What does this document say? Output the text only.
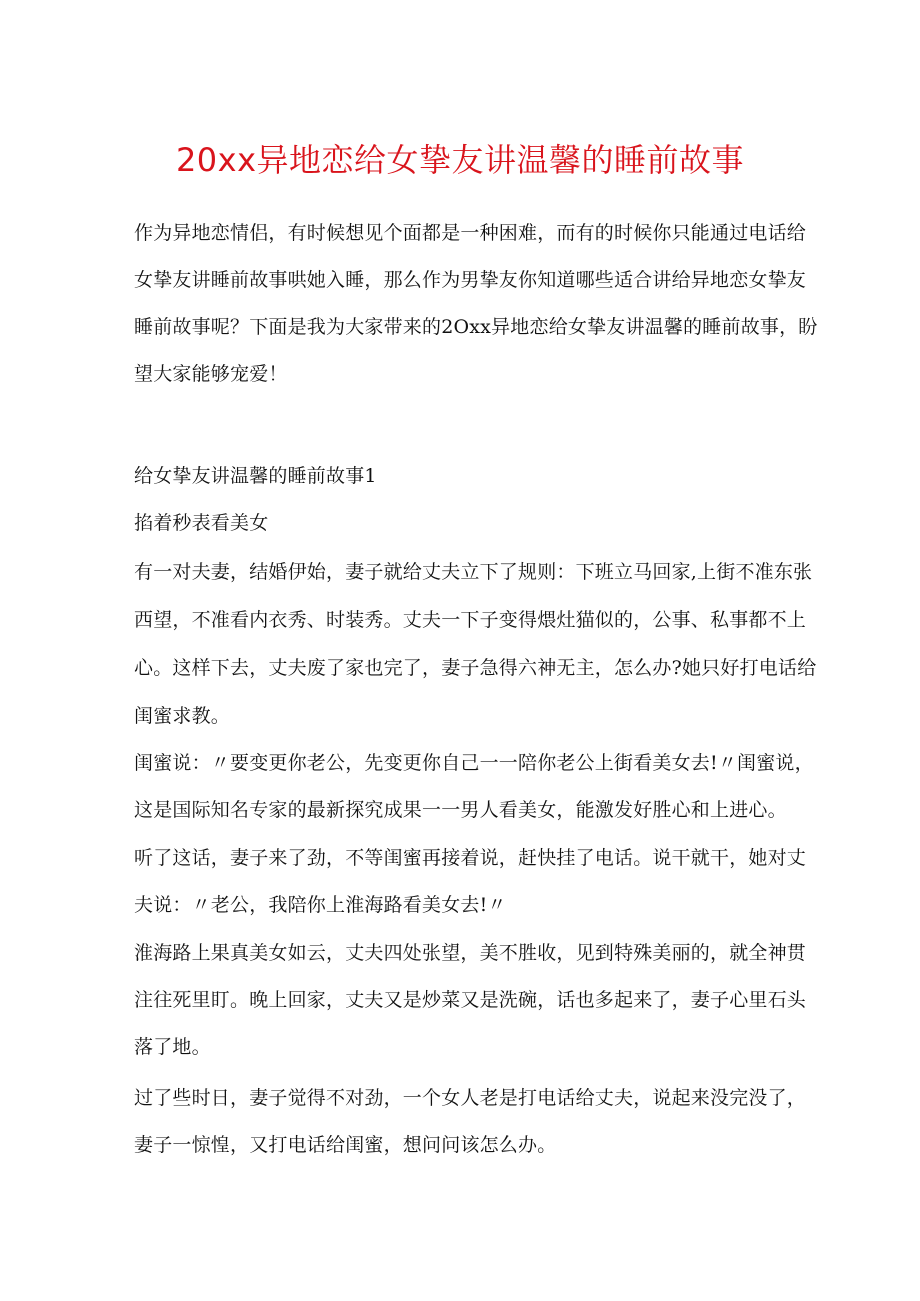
20xx异地恋给女挚友讲温馨的睡前故事
作为异地恋情侣，有时候想见个面都是一种困难，而有的时候你只能通过电话给
女挚友讲睡前故事哄她入睡，那么作为男挚友你知道哪些适合讲给异地恋女挚友
睡前故事呢？下面是我为大家带来的2Oxx异地恋给女挚友讲温馨的睡前故事，盼
望大家能够宠爱！
给女挚友讲温馨的睡前故事1
掐着秒表看美女
有一对夫妻，结婚伊始，妻子就给丈夫立下了规则：下班立马回家,上街不准东张
西望，不准看内衣秀、时装秀。丈夫一下子变得煨灶猫似的，公事、私事都不上
心。这样下去，丈夫废了家也完了，妻子急得六神无主，怎么办?她只好打电话给
闺蜜求教。
闺蜜说：〃要变更你老公，先变更你自己一一陪你老公上街看美女去!〃闺蜜说，
这是国际知名专家的最新探究成果一一男人看美女，能激发好胜心和上进心。
听了这话，妻子来了劲，不等闺蜜再接着说，赶快挂了电话。说干就干，她对丈
夫说：〃老公，我陪你上淮海路看美女去!〃
淮海路上果真美女如云，丈夫四处张望，美不胜收，见到特殊美丽的，就全神贯
注往死里盯。晚上回家，丈夫又是炒菜又是洗碗，话也多起来了，妻子心里石头
落了地。
过了些时日，妻子觉得不对劲，一个女人老是打电话给丈夫，说起来没完没了，
妻子一惊惶，又打电话给闺蜜，想问问该怎么办。
